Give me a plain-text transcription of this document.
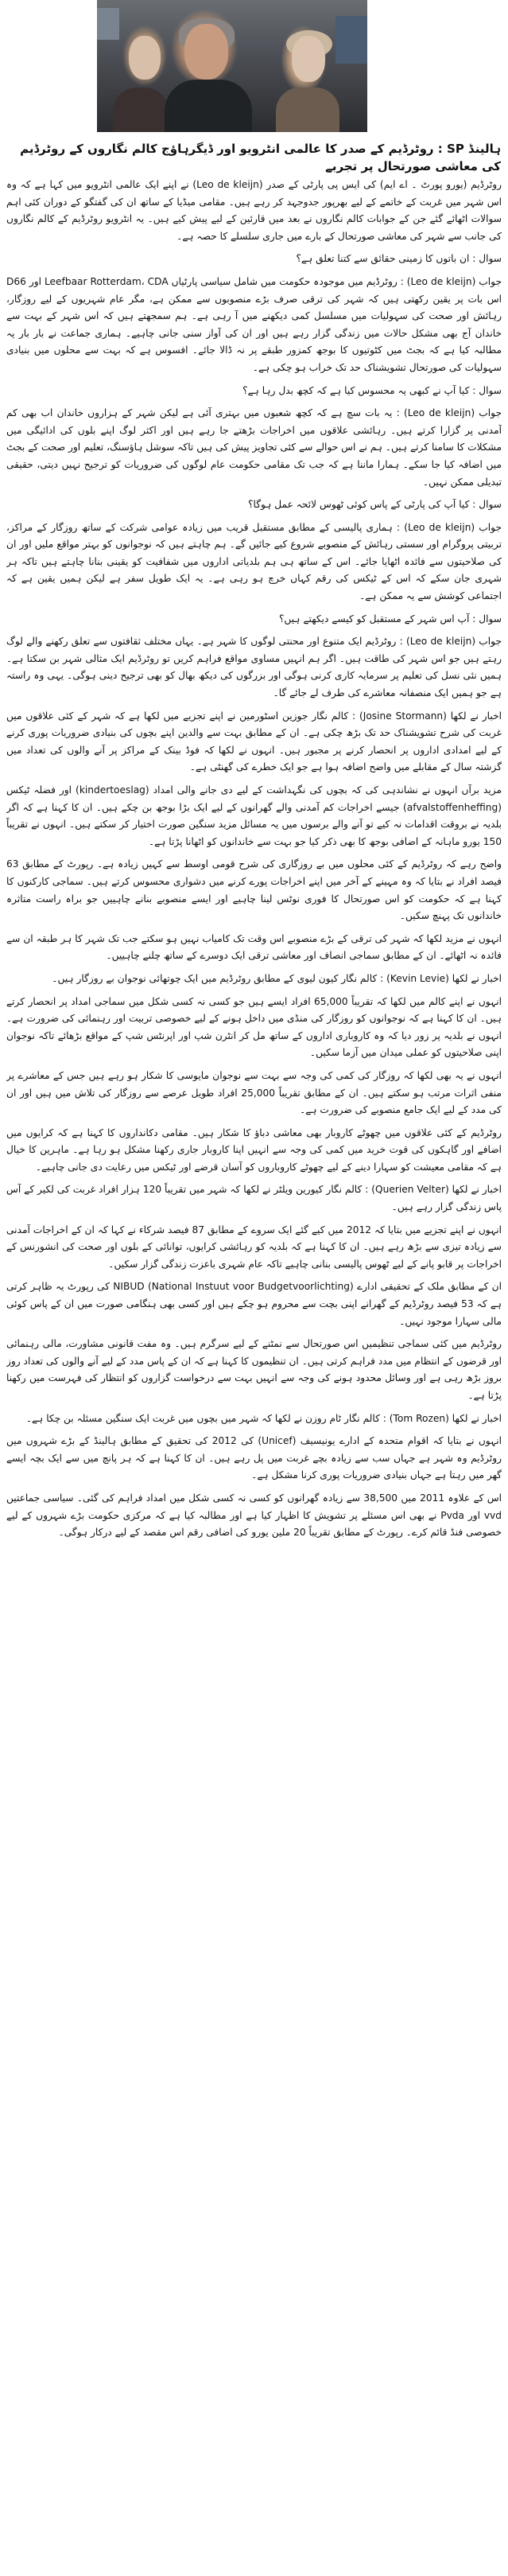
ہالینڈ SP : روٹرڈیم کے صدر کا عالمی انٹرویو اور ڈیگرہاؤج کالم نگاروں کے روٹرڈیم کی معاشی صورتحال پر تجربے

روٹرڈیم (یورو پورٹ ۔ اے ایم) کی ایس پی پارٹی کے صدر (Leo de kleijn) نے اپنے ایک عالمی انٹرویو میں کہا ہے کہ وہ اس شہر میں غربت کے خاتمے کے لیے بھرپور جدوجہد کر رہے ہیں۔ مقامی میڈیا کے ساتھ ان کی گفتگو کے دوران کئی اہم سوالات اٹھائے گئے جن کے جوابات کالم نگاروں نے بعد میں قارئین کے لیے پیش کیے ہیں۔ یہ انٹرویو روٹرڈیم کے کالم نگاروں کی جانب سے شہر کی معاشی صورتحال کے بارے میں جاری سلسلے کا حصہ ہے۔

سوال : ان باتوں کا زمینی حقائق سے کتنا تعلق ہے؟

جواب (Leo de kleijn) : روٹرڈیم میں موجودہ حکومت میں شامل سیاسی پارٹیاں Leefbaar Rotterdam، CDA اور D66 اس بات پر یقین رکھتی ہیں کہ شہر کی ترقی صرف بڑے منصوبوں سے ممکن ہے، مگر عام شہریوں کے لیے روزگار، رہائش اور صحت کی سہولیات میں مسلسل کمی دیکھنے میں آ رہی ہے۔ ہم سمجھتے ہیں کہ اس شہر کے بہت سے خاندان آج بھی مشکل حالات میں زندگی گزار رہے ہیں اور ان کی آواز سنی جانی چاہیے۔ ہماری جماعت نے بار بار یہ مطالبہ کیا ہے کہ بجٹ میں کٹوتیوں کا بوجھ کمزور طبقے پر نہ ڈالا جائے۔ افسوس ہے کہ بہت سے محلوں میں بنیادی سہولیات کی صورتحال تشویشناک حد تک خراب ہو چکی ہے۔

سوال : کیا آپ نے کبھی یہ محسوس کیا ہے کہ کچھ بدل رہا ہے؟

جواب (Leo de kleijn) : یہ بات سچ ہے کہ کچھ شعبوں میں بہتری آئی ہے لیکن شہر کے ہزاروں خاندان اب بھی کم آمدنی پر گزارا کرتے ہیں۔ رہائشی علاقوں میں اخراجات بڑھتے جا رہے ہیں اور اکثر لوگ اپنے بلوں کی ادائیگی میں مشکلات کا سامنا کرتے ہیں۔ ہم نے اس حوالے سے کئی تجاویز پیش کی ہیں تاکہ سوشل ہاؤسنگ، تعلیم اور صحت کے بجٹ میں اضافہ کیا جا سکے۔ ہمارا ماننا ہے کہ جب تک مقامی حکومت عام لوگوں کی ضروریات کو ترجیح نہیں دیتی، حقیقی تبدیلی ممکن نہیں۔

سوال : کیا آپ کی پارٹی کے پاس کوئی ٹھوس لائحہ عمل ہوگا؟

جواب (Leo de kleijn) : ہماری پالیسی کے مطابق مستقبل قریب میں زیادہ عوامی شرکت کے ساتھ روزگار کے مراکز، تربیتی پروگرام اور سستی رہائش کے منصوبے شروع کیے جائیں گے۔ ہم چاہتے ہیں کہ نوجوانوں کو بہتر مواقع ملیں اور ان کی صلاحیتوں سے فائدہ اٹھایا جائے۔ اس کے ساتھ ہی ہم بلدیاتی اداروں میں شفافیت کو یقینی بنانا چاہتے ہیں تاکہ ہر شہری جان سکے کہ اس کے ٹیکس کی رقم کہاں خرچ ہو رہی ہے۔ یہ ایک طویل سفر ہے لیکن ہمیں یقین ہے کہ اجتماعی کوشش سے یہ ممکن ہے۔

سوال : آپ اس شہر کے مستقبل کو کیسے دیکھتے ہیں؟

جواب (Leo de kleijn) : روٹرڈیم ایک متنوع اور محنتی لوگوں کا شہر ہے۔ یہاں مختلف ثقافتوں سے تعلق رکھنے والے لوگ رہتے ہیں جو اس شہر کی طاقت ہیں۔ اگر ہم انہیں مساوی مواقع فراہم کریں تو روٹرڈیم ایک مثالی شہر بن سکتا ہے۔ ہمیں نئی نسل کی تعلیم پر سرمایہ کاری کرنی ہوگی اور بزرگوں کی دیکھ بھال کو بھی ترجیح دینی ہوگی۔ یہی وہ راستہ ہے جو ہمیں ایک منصفانہ معاشرے کی طرف لے جائے گا۔

اخبار نے لکھا (Josine Stormann) : کالم نگار جوزین اسٹورمین نے اپنے تجزیے میں لکھا ہے کہ شہر کے کئی علاقوں میں غربت کی شرح تشویشناک حد تک بڑھ چکی ہے۔ ان کے مطابق بہت سے والدین اپنے بچوں کی بنیادی ضروریات پوری کرنے کے لیے امدادی اداروں پر انحصار کرنے پر مجبور ہیں۔ انہوں نے لکھا کہ فوڈ بینک کے مراکز پر آنے والوں کی تعداد میں گزشتہ سال کے مقابلے میں واضح اضافہ ہوا ہے جو ایک خطرے کی گھنٹی ہے۔

مزید برآں انہوں نے نشاندہی کی کہ بچوں کی نگہداشت کے لیے دی جانے والی امداد (kindertoeslag) اور فضلہ ٹیکس (afvalstoffenheffing) جیسے اخراجات کم آمدنی والے گھرانوں کے لیے ایک بڑا بوجھ بن چکے ہیں۔ ان کا کہنا ہے کہ اگر بلدیہ نے بروقت اقدامات نہ کیے تو آنے والے برسوں میں یہ مسائل مزید سنگین صورت اختیار کر سکتے ہیں۔ انہوں نے تقریباً 150 یورو ماہانہ کے اضافی بوجھ کا بھی ذکر کیا جو بہت سے خاندانوں کو اٹھانا پڑتا ہے۔

واضح رہے کہ روٹرڈیم کے کئی محلوں میں بے روزگاری کی شرح قومی اوسط سے کہیں زیادہ ہے۔ رپورٹ کے مطابق 63 فیصد افراد نے بتایا کہ وہ مہینے کے آخر میں اپنے اخراجات پورے کرنے میں دشواری محسوس کرتے ہیں۔ سماجی کارکنوں کا کہنا ہے کہ حکومت کو اس صورتحال کا فوری نوٹس لینا چاہیے اور ایسے منصوبے بنانے چاہییں جو براہ راست متاثرہ خاندانوں تک پہنچ سکیں۔

انہوں نے مزید لکھا کہ شہر کی ترقی کے بڑے منصوبے اس وقت تک کامیاب نہیں ہو سکتے جب تک شہر کا ہر طبقہ ان سے فائدہ نہ اٹھائے۔ ان کے مطابق سماجی انصاف اور معاشی ترقی ایک دوسرے کے ساتھ چلنے چاہییں۔

اخبار نے لکھا (Kevin Levie) : کالم نگار کیون لیوی کے مطابق روٹرڈیم میں ایک چوتھائی نوجوان بے روزگار ہیں۔

انہوں نے اپنے کالم میں لکھا کہ تقریباً 65,000 افراد ایسے ہیں جو کسی نہ کسی شکل میں سماجی امداد پر انحصار کرتے ہیں۔ ان کا کہنا ہے کہ نوجوانوں کو روزگار کی منڈی میں داخل ہونے کے لیے خصوصی تربیت اور رہنمائی کی ضرورت ہے۔ انہوں نے بلدیہ پر زور دیا کہ وہ کاروباری اداروں کے ساتھ مل کر انٹرن شپ اور اپرنٹس شپ کے مواقع بڑھائے تاکہ نوجوان اپنی صلاحیتوں کو عملی میدان میں آزما سکیں۔

انہوں نے یہ بھی لکھا کہ روزگار کی کمی کی وجہ سے بہت سے نوجوان مایوسی کا شکار ہو رہے ہیں جس کے معاشرے پر منفی اثرات مرتب ہو سکتے ہیں۔ ان کے مطابق تقریباً 25,000 افراد طویل عرصے سے روزگار کی تلاش میں ہیں اور ان کی مدد کے لیے ایک جامع منصوبے کی ضرورت ہے۔

روٹرڈیم کے کئی علاقوں میں چھوٹے کاروبار بھی معاشی دباؤ کا شکار ہیں۔ مقامی دکانداروں کا کہنا ہے کہ کرایوں میں اضافے اور گاہکوں کی قوت خرید میں کمی کی وجہ سے انہیں اپنا کاروبار جاری رکھنا مشکل ہو رہا ہے۔ ماہرین کا خیال ہے کہ مقامی معیشت کو سہارا دینے کے لیے چھوٹے کاروباروں کو آسان قرضے اور ٹیکس میں رعایت دی جانی چاہیے۔

اخبار نے لکھا (Querien Velter) : کالم نگار کیورین ویلٹر نے لکھا کہ شہر میں تقریباً 120 ہزار افراد غربت کی لکیر کے آس پاس زندگی گزار رہے ہیں۔

انہوں نے اپنے تجزیے میں بتایا کہ 2012 میں کیے گئے ایک سروے کے مطابق 87 فیصد شرکاء نے کہا کہ ان کے اخراجات آمدنی سے زیادہ تیزی سے بڑھ رہے ہیں۔ ان کا کہنا ہے کہ بلدیہ کو رہائشی کرایوں، توانائی کے بلوں اور صحت کی انشورنس کے اخراجات پر قابو پانے کے لیے ٹھوس پالیسی بنانی چاہیے تاکہ عام شہری باعزت زندگی گزار سکیں۔

ان کے مطابق ملک کے تحقیقی ادارے (National Instuut voor Budgetvoorlichting) NIBUD کی رپورٹ یہ ظاہر کرتی ہے کہ 53 فیصد روٹرڈیم کے گھرانے اپنی بچت سے محروم ہو چکے ہیں اور کسی بھی ہنگامی صورت میں ان کے پاس کوئی مالی سہارا موجود نہیں۔

روٹرڈیم میں کئی سماجی تنظیمیں اس صورتحال سے نمٹنے کے لیے سرگرم ہیں۔ وہ مفت قانونی مشاورت، مالی رہنمائی اور قرضوں کے انتظام میں مدد فراہم کرتی ہیں۔ ان تنظیموں کا کہنا ہے کہ ان کے پاس مدد کے لیے آنے والوں کی تعداد روز بروز بڑھ رہی ہے اور وسائل محدود ہونے کی وجہ سے انہیں بہت سے درخواست گزاروں کو انتظار کی فہرست میں رکھنا پڑتا ہے۔

اخبار نے لکھا (Tom Rozen) : کالم نگار ٹام روزن نے لکھا کہ شہر میں بچوں میں غربت ایک سنگین مسئلہ بن چکا ہے۔

انہوں نے بتایا کہ اقوام متحدہ کے ادارے یونیسیف (Unicef) کی 2012 کی تحقیق کے مطابق ہالینڈ کے بڑے شہروں میں روٹرڈیم وہ شہر ہے جہاں سب سے زیادہ بچے غربت میں پل رہے ہیں۔ ان کا کہنا ہے کہ ہر پانچ میں سے ایک بچہ ایسے گھر میں رہتا ہے جہاں بنیادی ضروریات پوری کرنا مشکل ہے۔

اس کے علاوہ 2011 میں 38,500 سے زیادہ گھرانوں کو کسی نہ کسی شکل میں امداد فراہم کی گئی۔ سیاسی جماعتیں vvd اور Pvda نے بھی اس مسئلے پر تشویش کا اظہار کیا ہے اور مطالبہ کیا ہے کہ مرکزی حکومت بڑے شہروں کے لیے خصوصی فنڈ قائم کرے۔ رپورٹ کے مطابق تقریباً 20 ملین یورو کی اضافی رقم اس مقصد کے لیے درکار ہوگی۔
